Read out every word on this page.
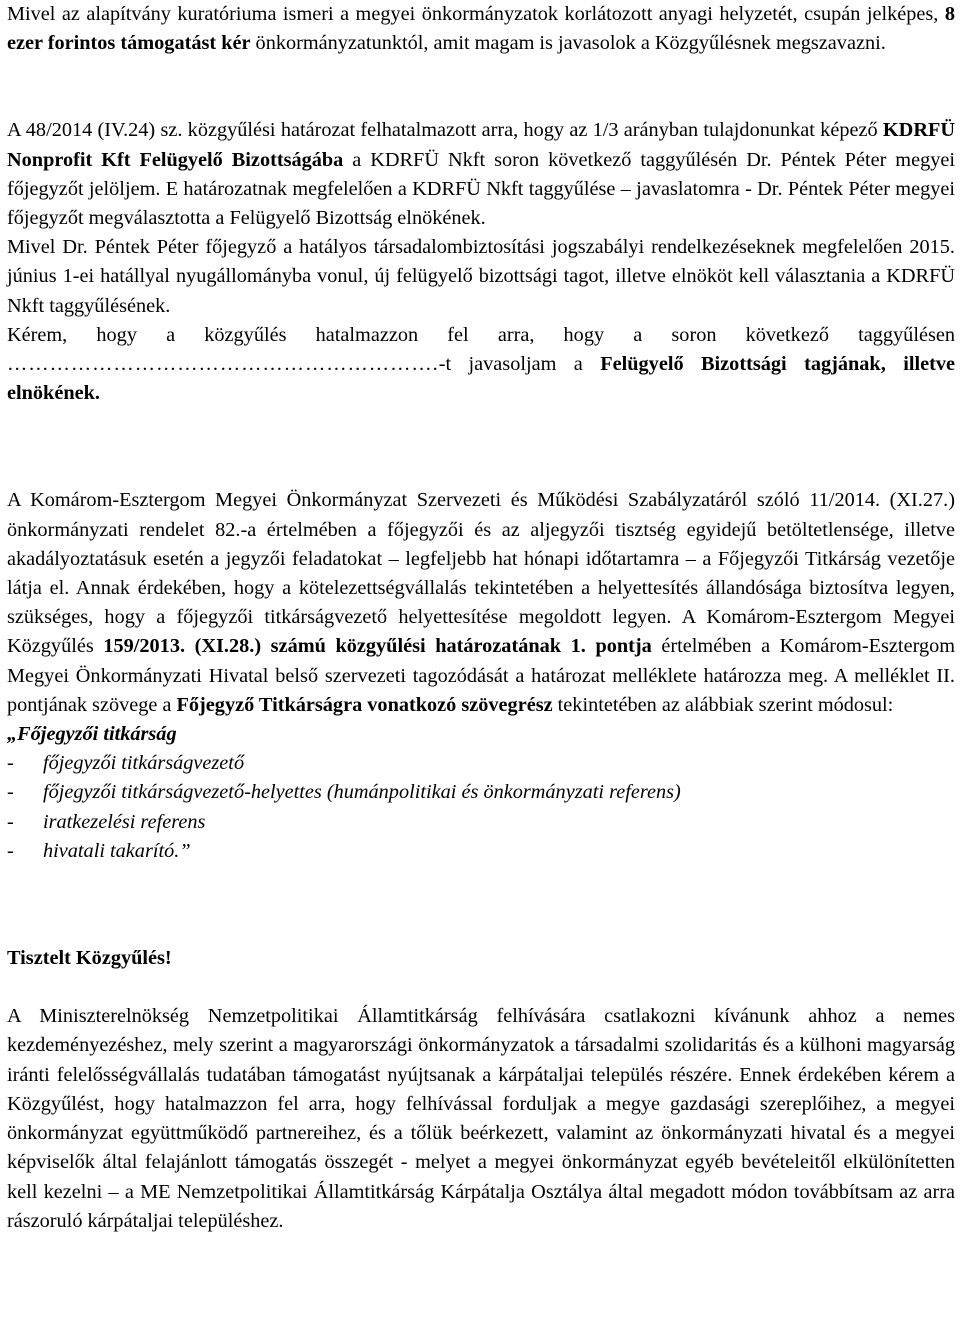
Mivel az alapítvány kuratóriuma ismeri a megyei önkormányzatok korlátozott anyagi helyzetét, csupán jelképes, 8 ezer forintos támogatást kér önkormányzatunktól, amit magam is javasolok a Közgyűlésnek megszavazni.

A 48/2014 (IV.24) sz. közgyűlési határozat felhatalmazott arra, hogy az 1/3 arányban tulajdonunkat képező KDRFÜ Nonprofit Kft Felügyelő Bizottságába a KDRFÜ Nkft soron következő taggyűlésén Dr. Péntek Péter megyei főjegyzőt jelöljem. E határozatnak megfelelően a KDRFÜ Nkft taggyűlése – javaslatomra - Dr. Péntek Péter megyei főjegyzőt megválasztotta a Felügyelő Bizottság elnökének.

Mivel Dr. Péntek Péter főjegyző a hatályos társadalombiztosítási jogszabályi rendelkezéseknek megfelelően 2015. június 1-ei hatállyal nyugállományba vonul, új felügyelő bizottsági tagot, illetve elnököt kell választania a KDRFÜ Nkft taggyűlésének.

Kérem, hogy a közgyűlés hatalmazzon fel arra, hogy a soron következő taggyűlésen …………………………………………………….-t javasoljam a Felügyelő Bizottsági tagjának, illetve elnökének.

A Komárom-Esztergom Megyei Önkormányzat Szervezeti és Működési Szabályzatáról szóló 11/2014. (XI.27.) önkormányzati rendelet 82.-a értelmében a főjegyzői és az aljegyzői tisztség egyidejű betöltetlensége, illetve akadályoztatásuk esetén a jegyzői feladatokat – legfeljebb hat hónapi időtartamra – a Főjegyzői Titkárság vezetője látja el. Annak érdekében, hogy a kötelezettségvállalás tekintetében a helyettesítés állandósága biztosítva legyen, szükséges, hogy a főjegyzői titkárságvezető helyettesítése megoldott legyen. A Komárom-Esztergom Megyei Közgyűlés 159/2013. (XI.28.) számú közgyűlési határozatának 1. pontja értelmében a Komárom-Esztergom Megyei Önkormányzati Hivatal belső szervezeti tagozódását a határozat melléklete határozza meg. A melléklet II. pontjának szövege a Főjegyző Titkárságra vonatkozó szövegrész tekintetében az alábbiak szerint módosul:

„Főjegyzői titkárság

-	főjegyzői titkárságvezető
-	főjegyzői titkárságvezető-helyettes (humánpolitikai és önkormányzati referens)
-	iratkezelési referens
-	hivatali takarító.”

Tisztelt Közgyűlés!

A Miniszterelnökség Nemzetpolitikai Államtitkárság felhívására csatlakozni kívánunk ahhoz a nemes kezdeményezéshez, mely szerint a magyarországi önkormányzatok a társadalmi szolidaritás és a külhoni magyarság iránti felelősségvállalás tudatában támogatást nyújtsanak a kárpátaljai település részére. Ennek érdekében kérem a Közgyűlést, hogy hatalmazzon fel arra, hogy felhívással forduljak a megye gazdasági szereplőihez, a megyei önkormányzat együttműködő partnereihez, és a tőlük beérkezett, valamint az önkormányzati hivatal és a megyei képviselők által felajánlott támogatás összegét - melyet a megyei önkormányzat egyéb bevételeitől elkülönítetten kell kezelni – a ME Nemzetpolitikai Államtitkárság Kárpátalja Osztálya által megadott módon továbbítsam az arra rászoruló kárpátaljai településhez.
